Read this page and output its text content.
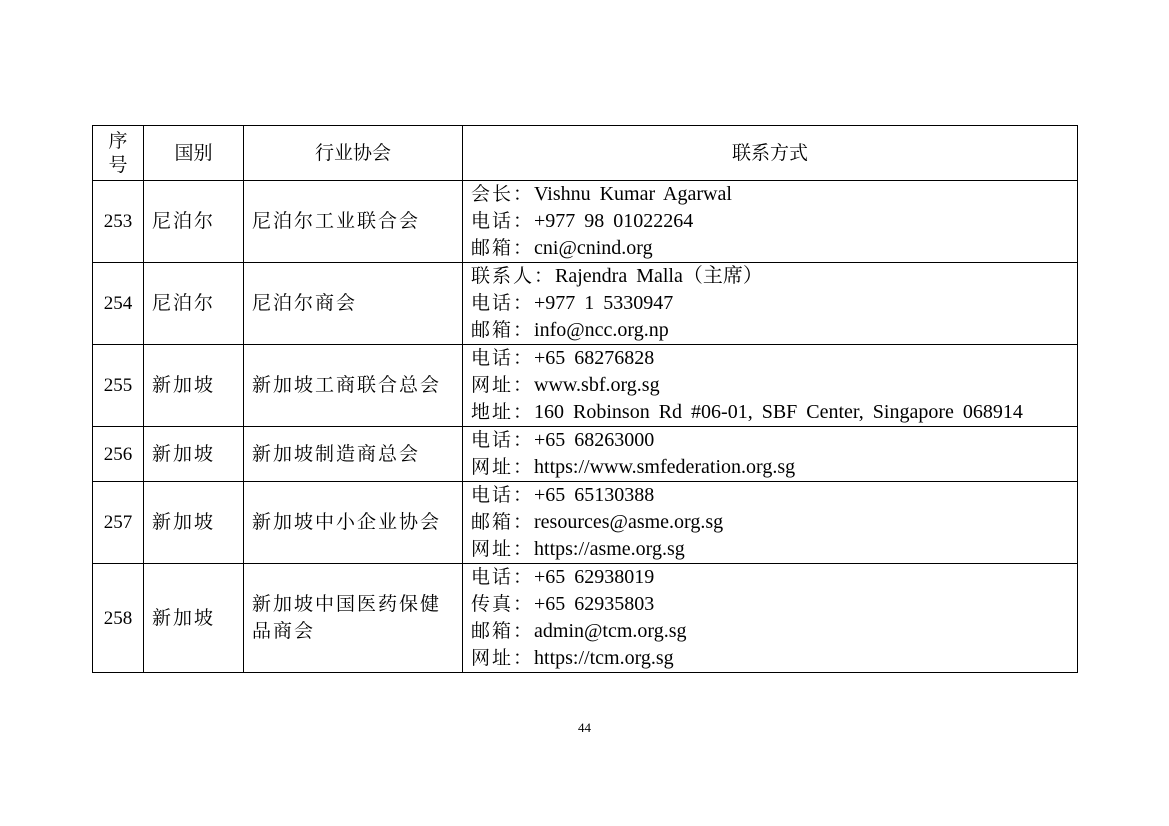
序号	国别	行业协会	联系方式
253	尼泊尔	尼泊尔工业联合会	会长：Vishnu Kumar Agarwal
电话：+977 98 01022264
邮箱：cni@cnind.org

254	尼泊尔	尼泊尔商会	联系人：Rajendra Malla（主席）
电话：+977 1 5330947
邮箱：info@ncc.org.np

255	新加坡	新加坡工商联合总会	电话：+65 68276828
网址：www.sbf.org.sg
地址：160 Robinson Rd #06-01, SBF Center, Singapore 068914

256	新加坡	新加坡制造商总会	电话：+65 68263000
网址：https://www.smfederation.org.sg

257	新加坡	新加坡中小企业协会	电话：+65 65130388
邮箱：resources@asme.org.sg
网址：https://asme.org.sg

258	新加坡	新加坡中国医药保健
品商会	电话：+65 62938019
传真：+65 62935803
邮箱：admin@tcm.org.sg
网址：https://tcm.org.sg
44
